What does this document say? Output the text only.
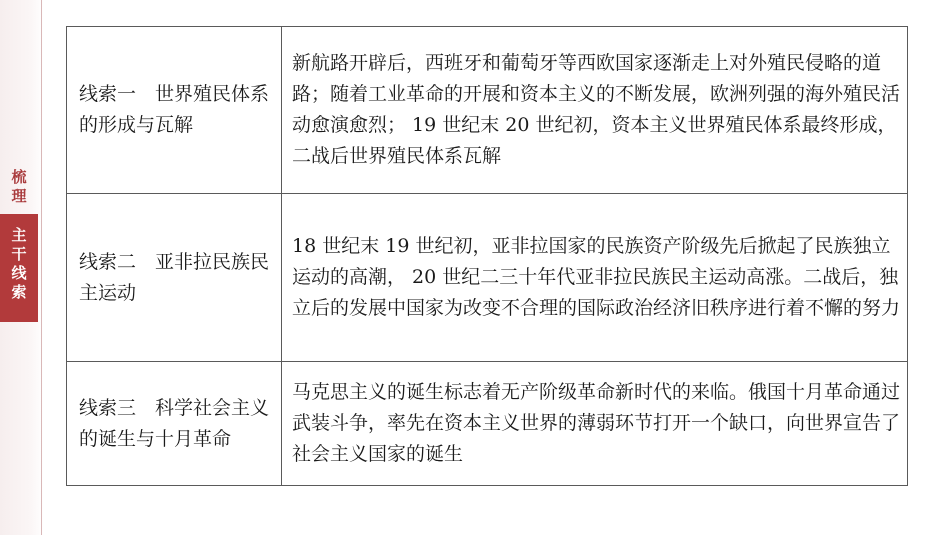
梳
理
主
干
线
索
线索一　世界殖民体系的形成与瓦解	新航路开辟后，西班牙和葡萄牙等西欧国家逐渐走上对外殖民侵略的道路；随着工业革命的开展和资本主义的不断发展，欧洲列强的海外殖民活动愈演愈烈； 19 世纪末 20 世纪初，资本主义世界殖民体系最终形成，二战后世界殖民体系瓦解
线索二　亚非拉民族民主运动	18 世纪末 19 世纪初，亚非拉国家的民族资产阶级先后掀起了民族独立运动的高潮， 20 世纪二三十年代亚非拉民族民主运动高涨。二战后，独立后的发展中国家为改变不合理的国际政治经济旧秩序进行着不懈的努力
线索三　科学社会主义的诞生与十月革命	马克思主义的诞生标志着无产阶级革命新时代的来临。俄国十月革命通过武装斗争，率先在资本主义世界的薄弱环节打开一个缺口，向世界宣告了社会主义国家的诞生
